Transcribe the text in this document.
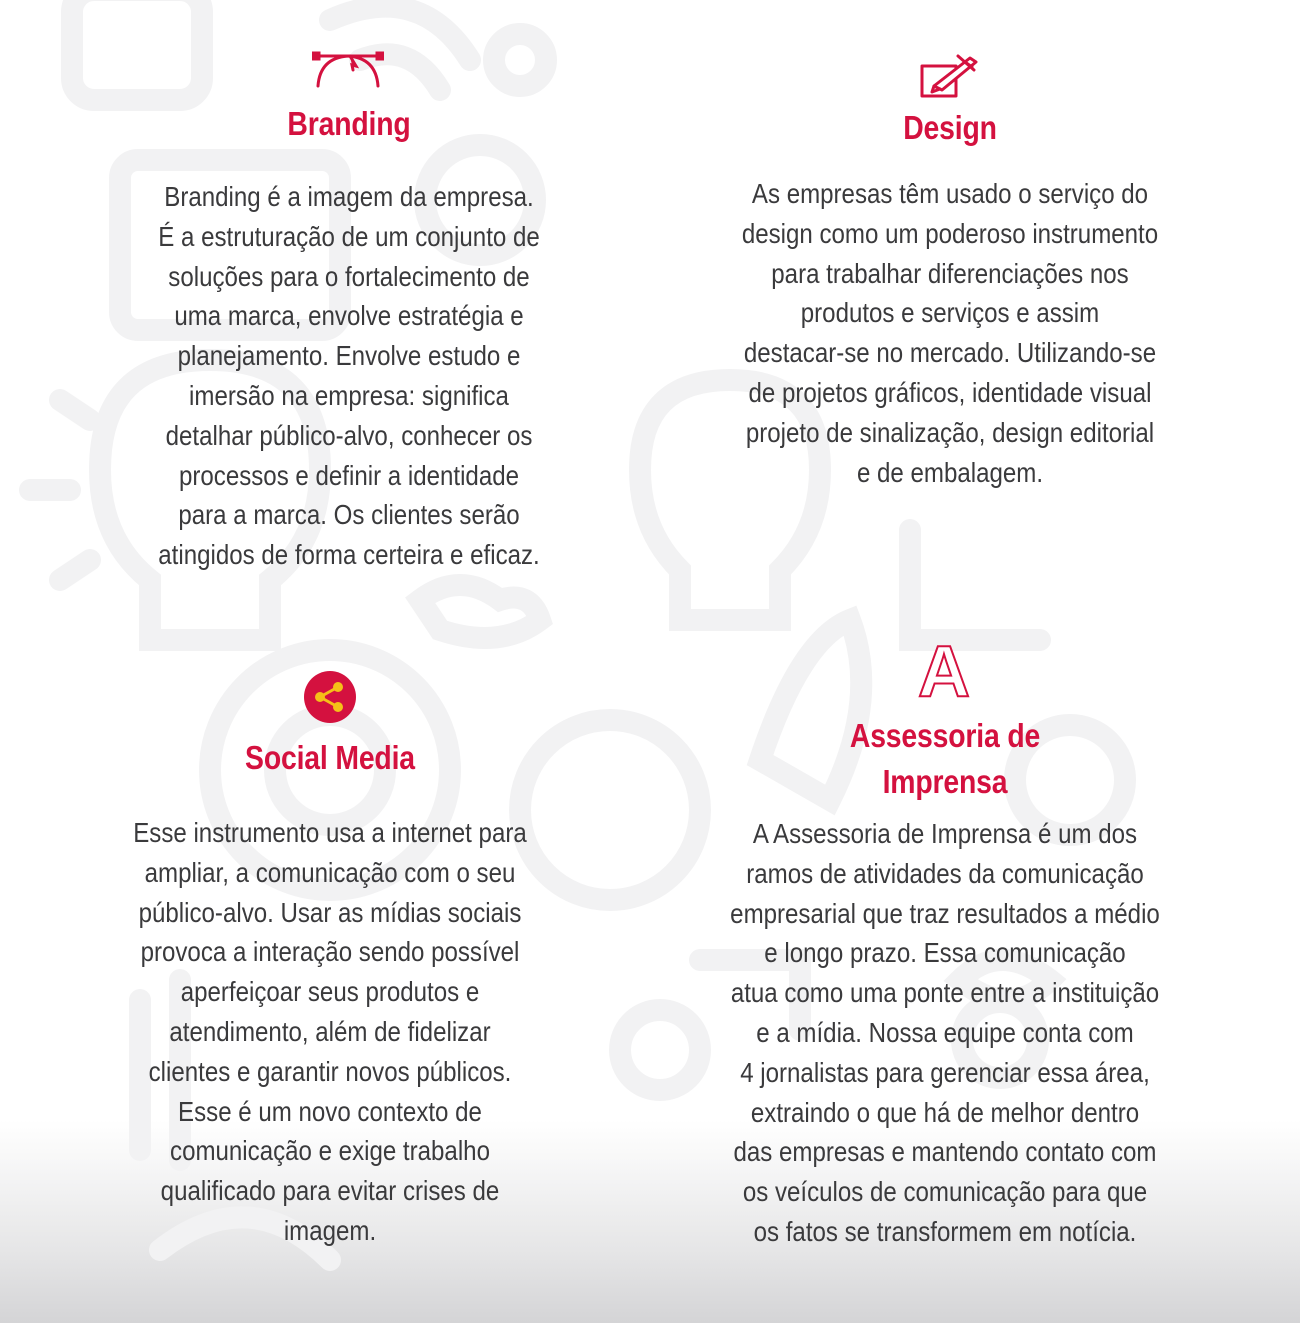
A
Branding

Branding é a imagem da empresa.
É a estruturação de um conjunto de
soluções para o fortalecimento de
uma marca, envolve estratégia e
planejamento. Envolve estudo e
imersão na empresa: significa
detalhar público-alvo, conhecer os
processos e definir a identidade
para a marca. Os clientes serão
atingidos de forma certeira e eficaz.

Design

As empresas têm usado o serviço do
design como um poderoso instrumento
para trabalhar diferenciações nos
produtos e serviços e assim
destacar-se no mercado. Utilizando-se
de projetos gráficos, identidade visual
projeto de sinalização, design editorial
e de embalagem.

Social Media

Esse instrumento usa a internet para
ampliar, a comunicação com o seu
público-alvo. Usar as mídias sociais
provoca a interação sendo possível
aperfeiçoar seus produtos e
atendimento, além de fidelizar
clientes e garantir novos públicos.
Esse é um novo contexto de
comunicação e exige trabalho
qualificado para evitar crises de
imagem.

Assessoria de
Imprensa

A Assessoria de Imprensa é um dos
ramos de atividades da comunicação
empresarial que traz resultados a médio
e longo prazo. Essa comunicação
atua como uma ponte entre a instituição
e a mídia. Nossa equipe conta com
4 jornalistas para gerenciar essa área,
extraindo o que há de melhor dentro
das empresas e mantendo contato com
os veículos de comunicação para que
os fatos se transformem em notícia.
